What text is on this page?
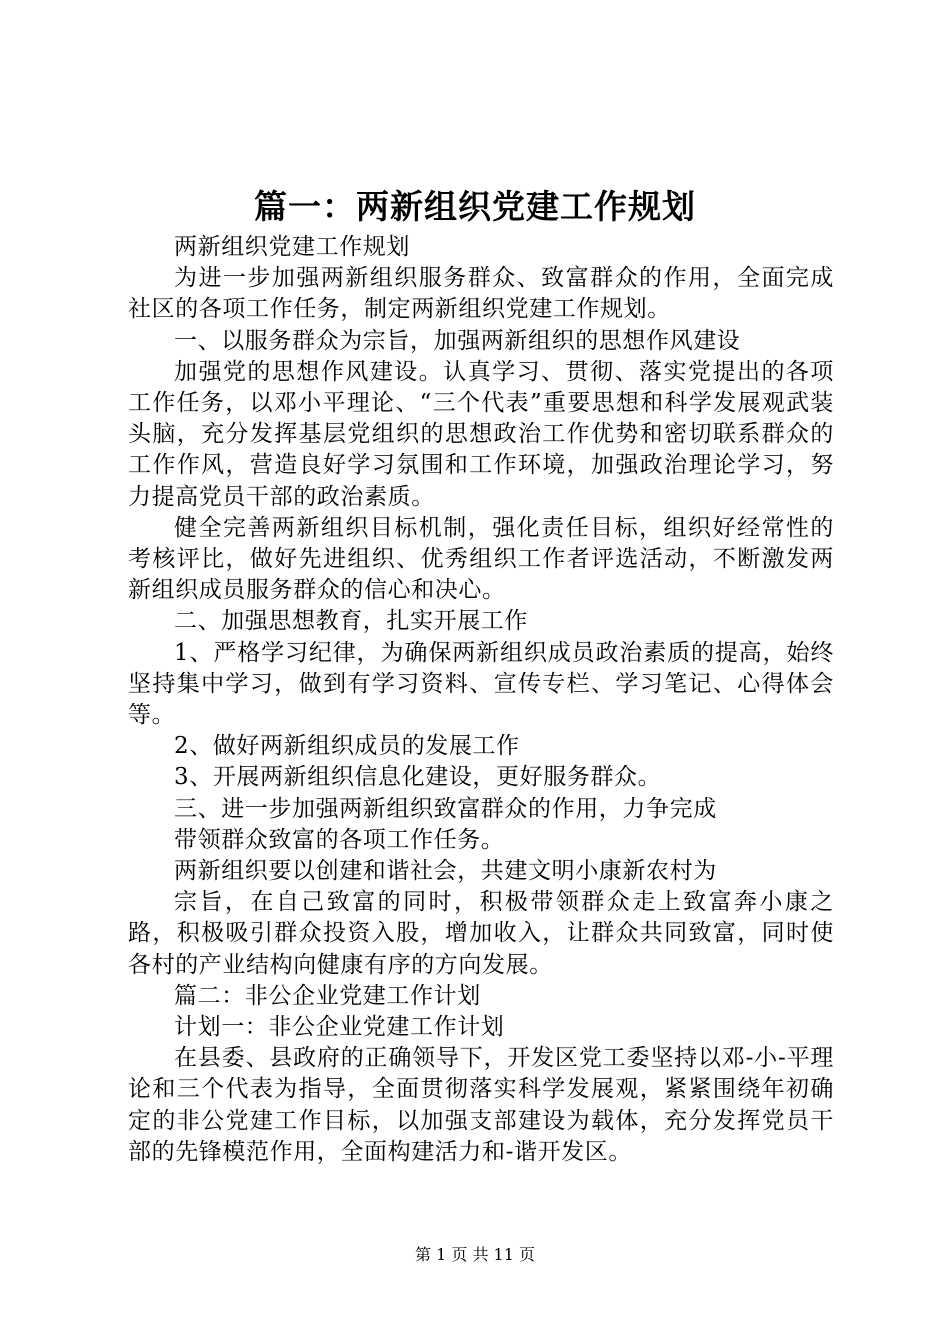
篇一：两新组织党建工作规划

两新组织党建工作规划

为进一步加强两新组织服务群众、致富群众的作用，全面完成社区的各项工作任务，制定两新组织党建工作规划。

一、以服务群众为宗旨，加强两新组织的思想作风建设

加强党的思想作风建设。认真学习、贯彻、落实党提出的各项工作任务，以邓小平理论、“三个代表”重要思想和科学发展观武装头脑，充分发挥基层党组织的思想政治工作优势和密切联系群众的工作作风，营造良好学习氛围和工作环境，加强政治理论学习，努力提高党员干部的政治素质。

健全完善两新组织目标机制，强化责任目标，组织好经常性的考核评比，做好先进组织、优秀组织工作者评选活动，不断激发两新组织成员服务群众的信心和决心。

二、加强思想教育，扎实开展工作

1、严格学习纪律，为确保两新组织成员政治素质的提高，始终坚持集中学习，做到有学习资料、宣传专栏、学习笔记、心得体会等。

2、做好两新组织成员的发展工作

3、开展两新组织信息化建设，更好服务群众。

三、进一步加强两新组织致富群众的作用，力争完成

带领群众致富的各项工作任务。

两新组织要以创建和谐社会，共建文明小康新农村为

宗旨，在自己致富的同时，积极带领群众走上致富奔小康之路，积极吸引群众投资入股，增加收入，让群众共同致富，同时使各村的产业结构向健康有序的方向发展。

篇二：非公企业党建工作计划

计划一：非公企业党建工作计划

在县委、县政府的正确领导下，开发区党工委坚持以邓-小-平理论和三个代表为指导，全面贯彻落实科学发展观，紧紧围绕年初确定的非公党建工作目标，以加强支部建设为载体，充分发挥党员干部的先锋模范作用，全面构建活力和-谐开发区。

第 1 页 共 11 页
